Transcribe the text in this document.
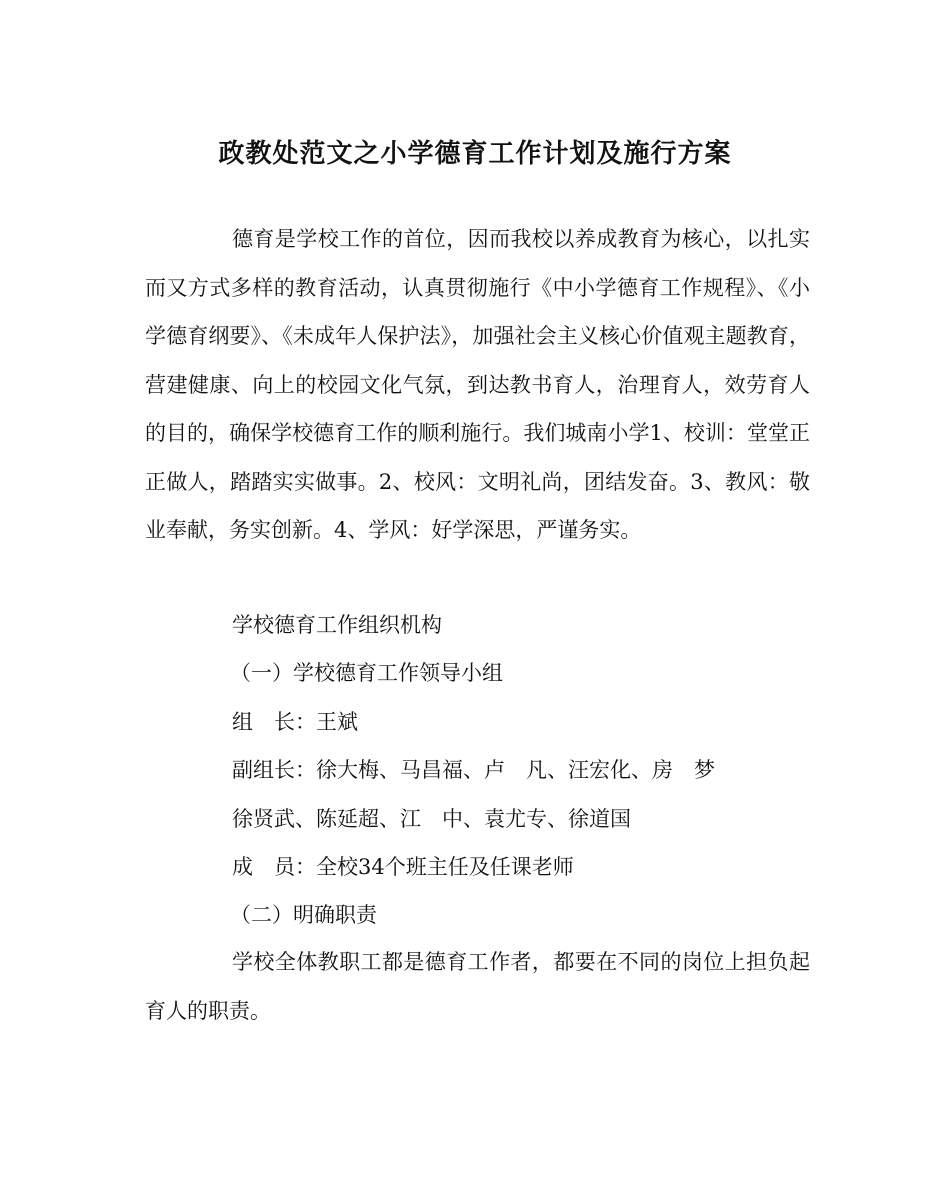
政教处范文之小学德育工作计划及施行方案
德育是学校工作的首位，因而我校以养成教育为核心，以扎实而又方式多样的教育活动，认真贯彻施行《中小学德育工作规程》、《小学德育纲要》、《未成年人保护法》，加强社会主义核心价值观主题教育，营建健康、向上的校园文化气氛，到达教书育人，治理育人，效劳育人的目的，确保学校德育工作的顺利施行。我们城南小学1、校训：堂堂正正做人，踏踏实实做事。2、校风：文明礼尚，团结发奋。3、教风：敬业奉献，务实创新。4、学风：好学深思，严谨务实。
学校德育工作组织机构
（一）学校德育工作领导小组
组　长：王斌
副组长：徐大梅、马昌福、卢　凡、汪宏化、房　梦
徐贤武、陈延超、江　中、袁尤专、徐道国
成　员：全校34个班主任及任课老师
（二）明确职责
学校全体教职工都是德育工作者，都要在不同的岗位上担负起育人的职责。
